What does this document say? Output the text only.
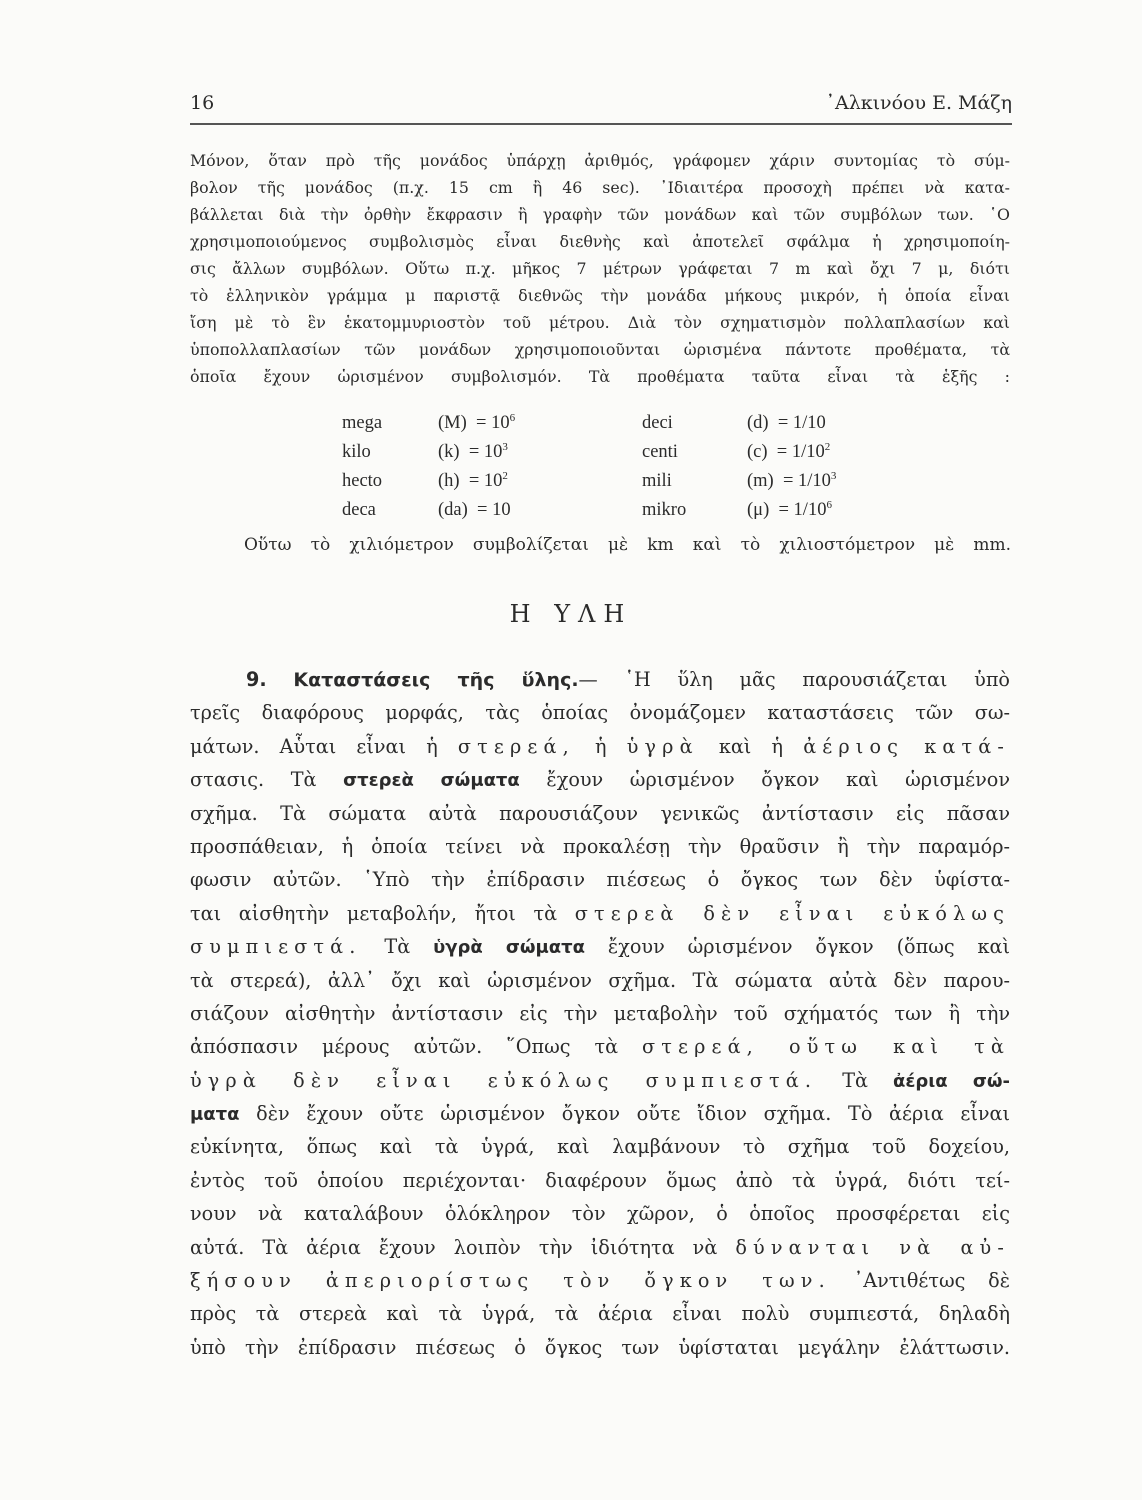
16	᾿Αλκινόου Ε. Μάζη
Μόνον, ὅταν πρὸ τῆς μονάδος ὑπάρχῃ ἀριθμός, γράφομεν χάριν συντομίας τὸ σύμ-
βολον τῆς μονάδος (π.χ. 15 cm ἢ 46 sec). ᾿Ιδιαιτέρα προσοχὴ πρέπει νὰ κατα-
βάλλεται διὰ τὴν ὀρθὴν ἔκφρασιν ἢ γραφὴν τῶν μονάδων καὶ τῶν συμβόλων των. ῾Ο
χρησιμοποιούμενος συμβολισμὸς εἶναι διεθνὴς καὶ ἀποτελεῖ σφάλμα ἡ χρησιμοποίη-
σις ἄλλων συμβόλων. Οὕτω π.χ. μῆκος 7 μέτρων γράφεται 7 m καὶ ὄχι 7 μ, διότι
τὸ ἑλληνικὸν γράμμα μ παριστᾷ διεθνῶς τὴν μονάδα μήκους μικρόν, ἡ ὁποία εἶναι
ἴση μὲ τὸ ἓν ἑκατομμυριοστὸν τοῦ μέτρου. Διὰ τὸν σχηματισμὸν πολλαπλασίων καὶ
ὑποπολλαπλασίων τῶν μονάδων χρησιμοποιοῦνται ὡρισμένα πάντοτε προθέματα, τὰ
ὁποῖα ἔχουν ὡρισμένον συμβολισμόν. Τὰ προθέματα ταῦτα εἶναι τὰ ἑξῆς :
mega	$(M) = 10^6$	deci	(d) = 1/10
kilo	$(k) = 10^3$	centi	$(c) = 1/10^2$
hecto	$(h) = 10^2$	mili	$(m) = 1/10^3$
deca	(da) = 10	mikro	$(\mu) = 1/10^6$
Οὕτω τὸ χιλιόμετρον συμβολίζεται μὲ km καὶ τὸ χιλιοστόμετρον μὲ mm.
Η ΥΛΗ
9. Καταστάσεις τῆς ὕλης.— ῾Η ὕλη μᾶς παρουσιάζεται ὑπὸ
τρεῖς διαφόρους μορφάς, τὰς ὁποίας ὀνομάζομεν καταστάσεις τῶν σω-
μάτων. Αὗται εἶναι ἡ στερεά, ἡ ὑγρὰ καὶ ἡ ἀέριος κατά-
στασις. Τὰ στερεὰ σώματα ἔχουν ὡρισμένον ὄγκον καὶ ὡρισμένον
σχῆμα. Τὰ σώματα αὐτὰ παρουσιάζουν γενικῶς ἀντίστασιν εἰς πᾶσαν
προσπάθειαν, ἡ ὁποία τείνει νὰ προκαλέσῃ τὴν θραῦσιν ἢ τὴν παραμόρ-
φωσιν αὐτῶν. ῾Υπὸ τὴν ἐπίδρασιν πιέσεως ὁ ὄγκος των δὲν ὑφίστα-
ται αἰσθητὴν μεταβολήν, ἤτοι τὰ στερεὰ δὲν εἶναι εὐκόλως
συμπιεστά. Τὰ ὑγρὰ σώματα ἔχουν ὡρισμένον ὄγκον (ὅπως καὶ
τὰ στερεά), ἀλλ᾿ ὄχι καὶ ὡρισμένον σχῆμα. Τὰ σώματα αὐτὰ δὲν παρου-
σιάζουν αἰσθητὴν ἀντίστασιν εἰς τὴν μεταβολὴν τοῦ σχήματός των ἢ τὴν
ἀπόσπασιν μέρους αὐτῶν. ῞Οπως τὰ στερεά, οὕτω καὶ τὰ
ὑγρὰ δὲν εἶναι εὐκόλως συμπιεστά. Τὰ ἀέρια σώ-
ματα δὲν ἔχουν οὔτε ὡρισμένον ὄγκον οὔτε ἴδιον σχῆμα. Τὸ ἀέρια εἶναι
εὐκίνητα, ὅπως καὶ τὰ ὑγρά, καὶ λαμβάνουν τὸ σχῆμα τοῦ δοχείου,
ἐντὸς τοῦ ὁποίου περιέχονται· διαφέρουν ὅμως ἀπὸ τὰ ὑγρά, διότι τεί-
νουν νὰ καταλάβουν ὁλόκληρον τὸν χῶρον, ὁ ὁποῖος προσφέρεται εἰς
αὐτά. Τὰ ἀέρια ἔχουν λοιπὸν τὴν ἰδιότητα νὰ δύνανται νὰ αὐ-
ξήσουν ἀπεριορίστως τὸν ὄγκον των. ᾿Αντιθέτως δὲ
πρὸς τὰ στερεὰ καὶ τὰ ὑγρά, τὰ ἀέρια εἶναι πολὺ συμπιεστά, δηλαδὴ
ὑπὸ τὴν ἐπίδρασιν πιέσεως ὁ ὄγκος των ὑφίσταται μεγάλην ἐλάττωσιν.
